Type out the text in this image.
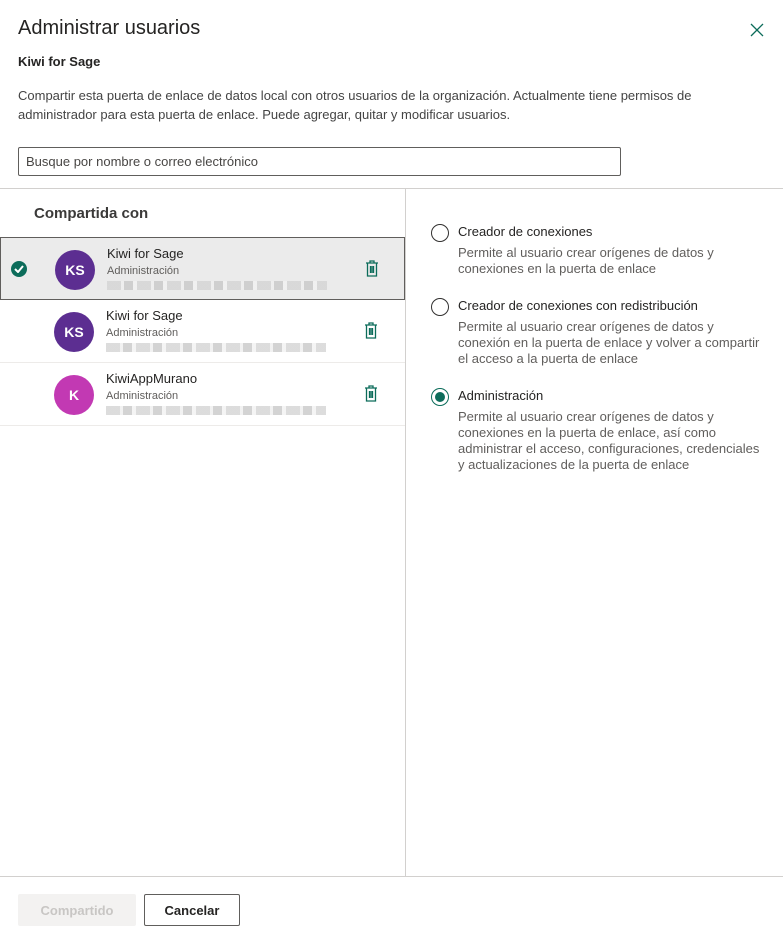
Administrar usuarios
Kiwi for Sage
Compartir esta puerta de enlace de datos local con otros usuarios de la organización. Actualmente tiene permisos de administrador para esta puerta de enlace. Puede agregar, quitar y modificar usuarios.
Busque por nombre o correo electrónico
Compartida con
KS
Kiwi for Sage
Administración
KS
Kiwi for Sage
Administración
K
KiwiAppMurano
Administración
Creador de conexiones
Permite al usuario crear orígenes de datos y conexiones en la puerta de enlace
Creador de conexiones con redistribución
Permite al usuario crear orígenes de datos y conexión en la puerta de enlace y volver a compartir el acceso a la puerta de enlace
Administración
Permite al usuario crear orígenes de datos y conexiones en la puerta de enlace, así como administrar el acceso, configuraciones, credenciales y actualizaciones de la puerta de enlace
Compartido	Cancelar
